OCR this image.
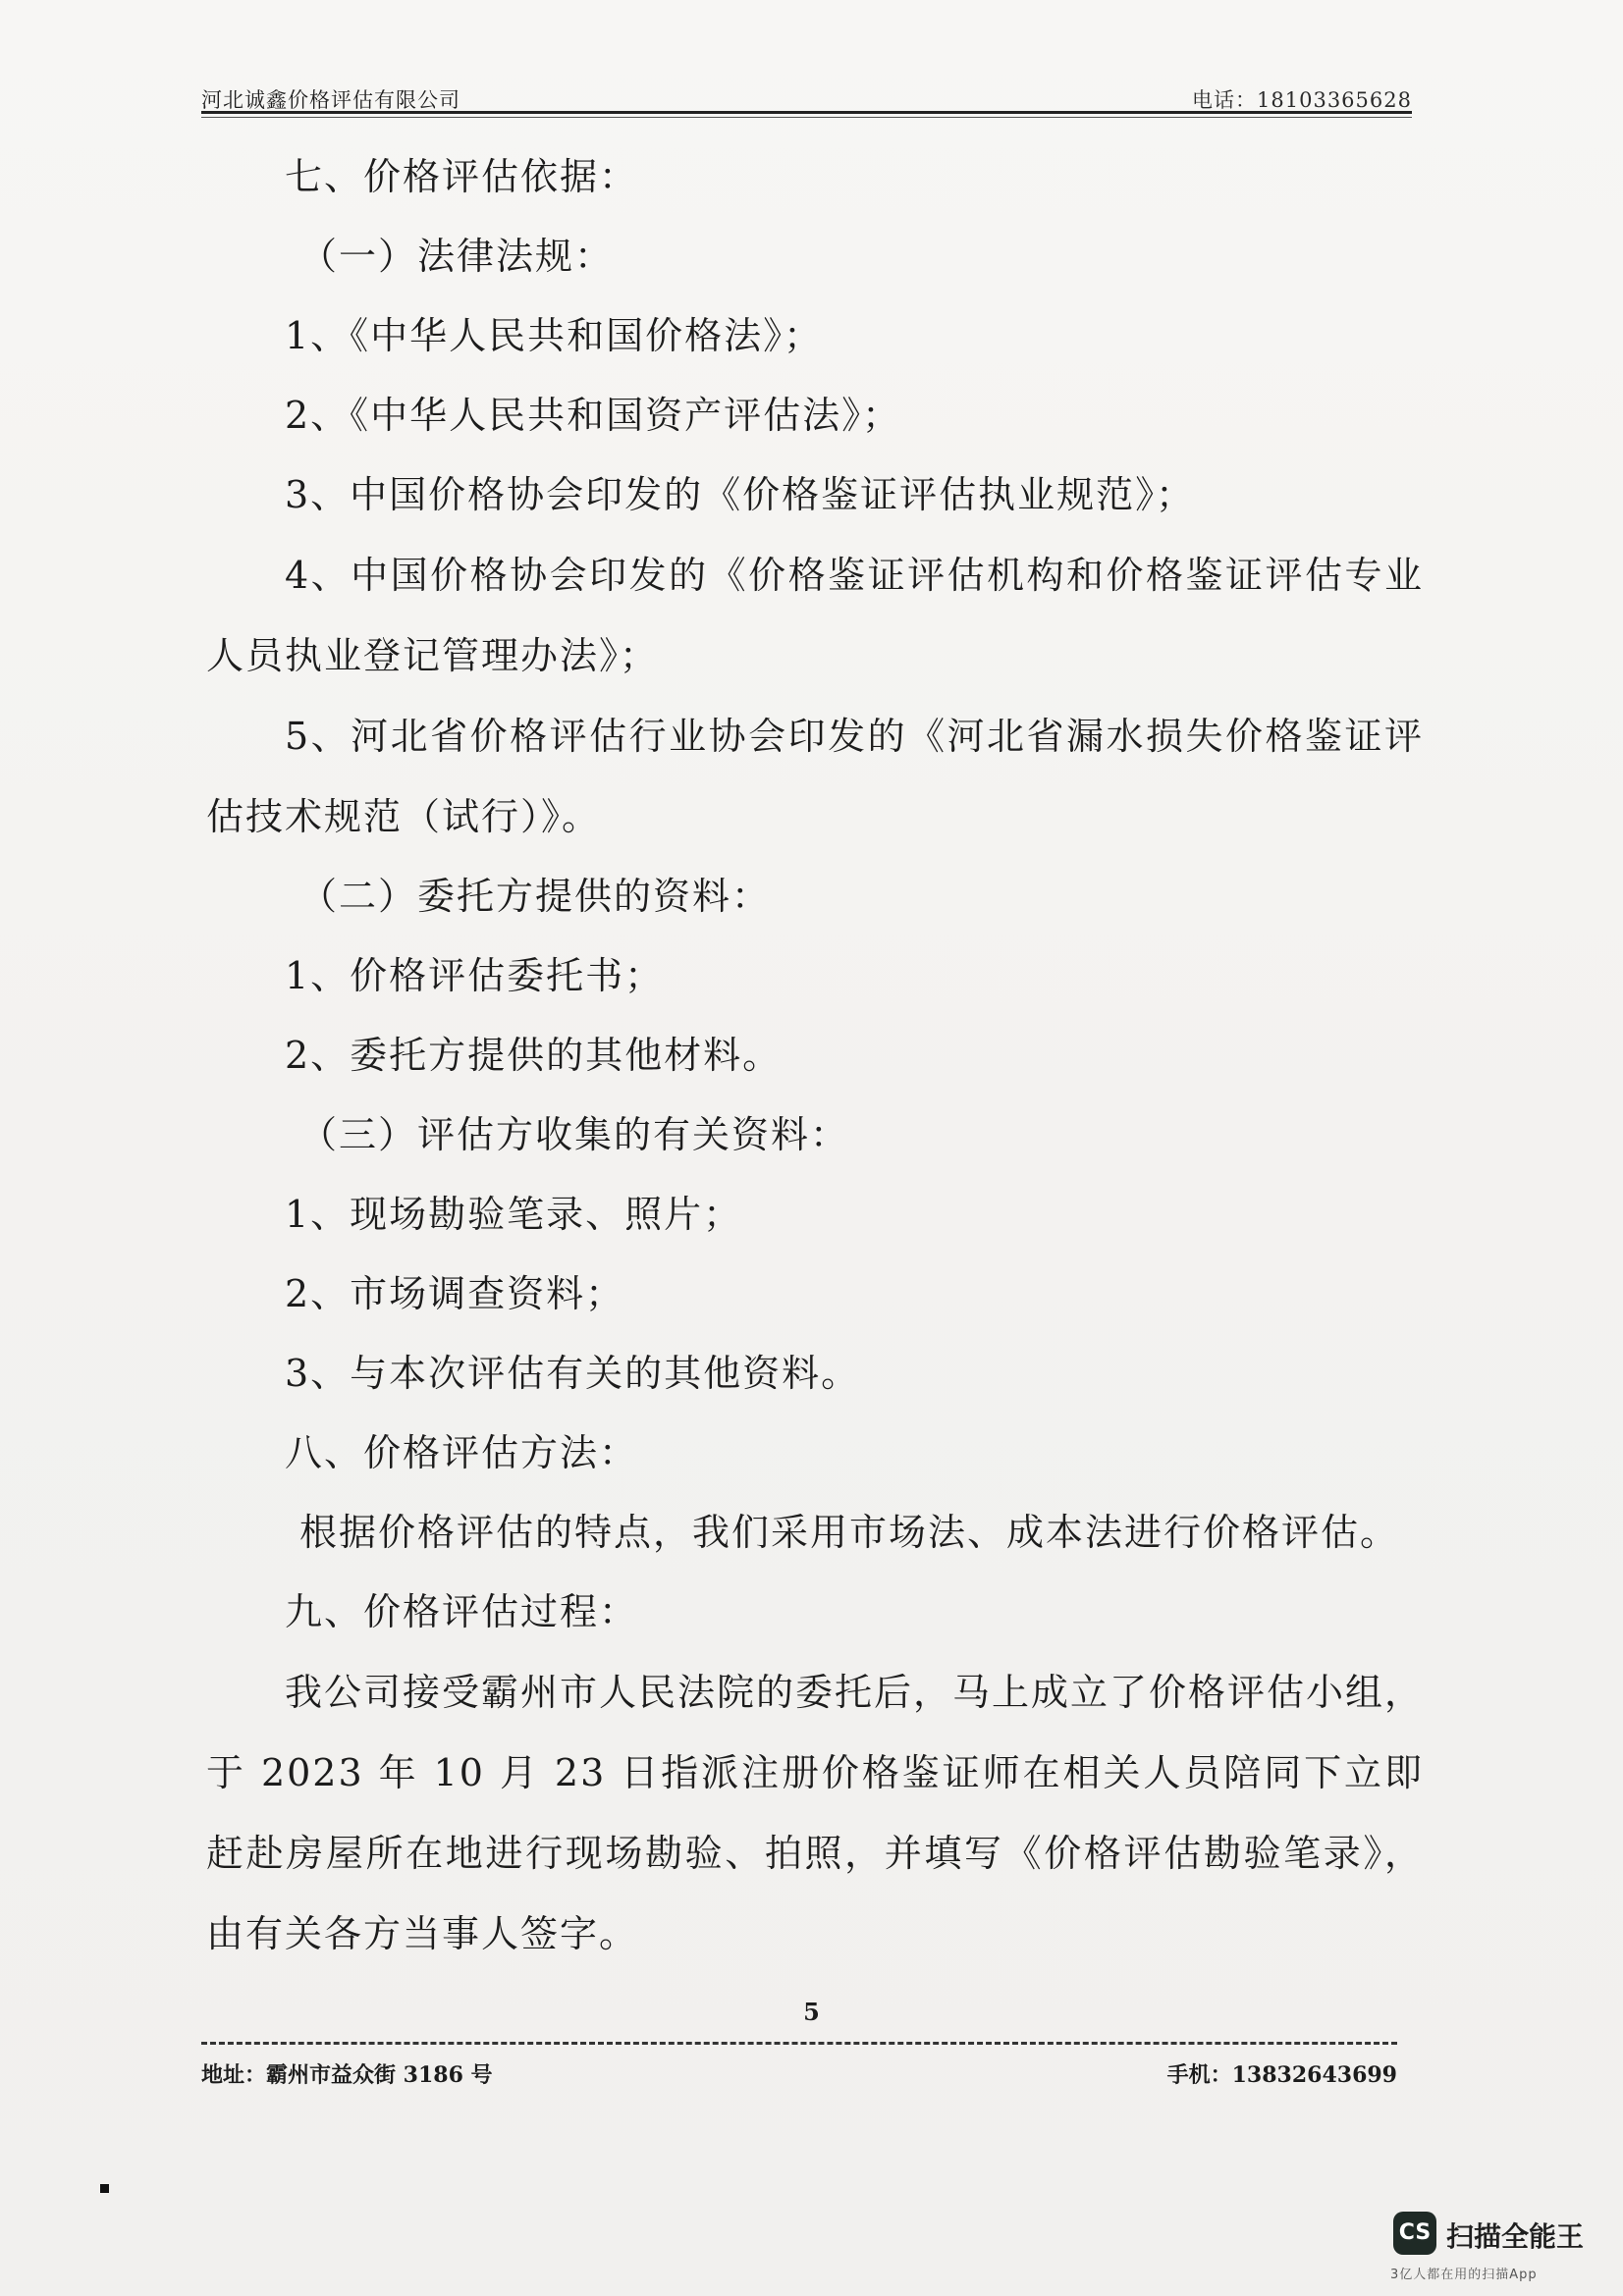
河北诚鑫价格评估有限公司	电话：18103365628
七、价格评估依据：
（一）法律法规：
1、《中华人民共和国价格法》；
2、《中华人民共和国资产评估法》；
3、中国价格协会印发的《价格鉴证评估执业规范》；
4、中国价格协会印发的《价格鉴证评估机构和价格鉴证评估专业人员执业登记管理办法》；
5、河北省价格评估行业协会印发的《河北省漏水损失价格鉴证评估技术规范（试行）》。
（二）委托方提供的资料：
1、价格评估委托书；
2、委托方提供的其他材料。
（三）评估方收集的有关资料：
1、现场勘验笔录、照片；
2、市场调查资料；
3、与本次评估有关的其他资料。
八、价格评估方法：
根据价格评估的特点，我们采用市场法、成本法进行价格评估。
九、价格评估过程：
我公司接受霸州市人民法院的委托后，马上成立了价格评估小组，于 2023 年 10 月 23 日指派注册价格鉴证师在相关人员陪同下立即赶赴房屋所在地进行现场勘验、拍照，并填写《价格评估勘验笔录》，由有关各方当事人签字。
5
地址：霸州市益众街 3186 号	手机：13832643699
CS 扫描全能王
3亿人都在用的扫描App
